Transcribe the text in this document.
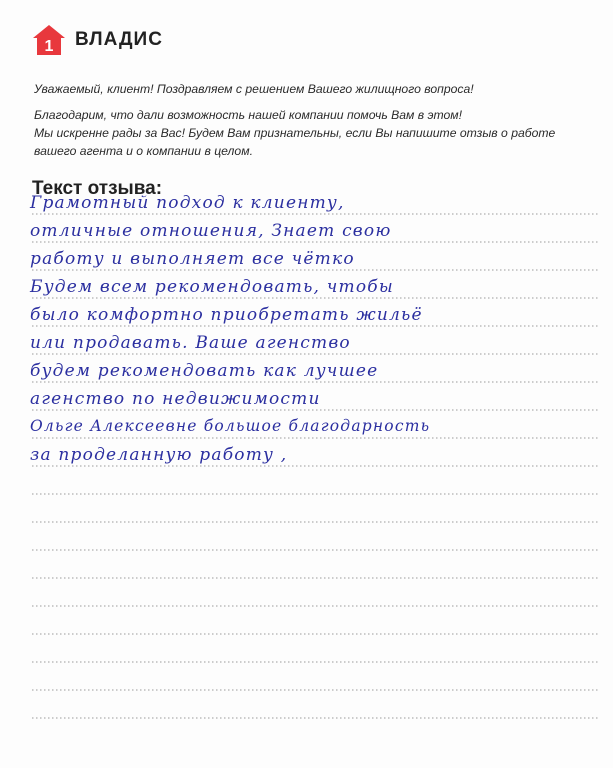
1 ВЛАДИС

Уважаемый, клиент! Поздравляем с решением Вашего жилищного вопроса!

Благодарим, что дали возможность нашей компании помочь Вам в этом!
Мы искренне рады за Вас! Будем Вам признательны, если Вы напишите отзыв о работе
вашего агента и о компании в целом.

Текст отзыва:
Грамотный подход к клиенту,
отличные отношения, Знает свою
работу и выполняет все чётко
Будем всем рекомендовать, чтобы
было комфортно приобретать жильё
или продавать. Ваше агенство
будем рекомендовать как лучшее
агенство по недвижимости
Ольге Алексеевне большое благодарность
за проделанную работу ,
